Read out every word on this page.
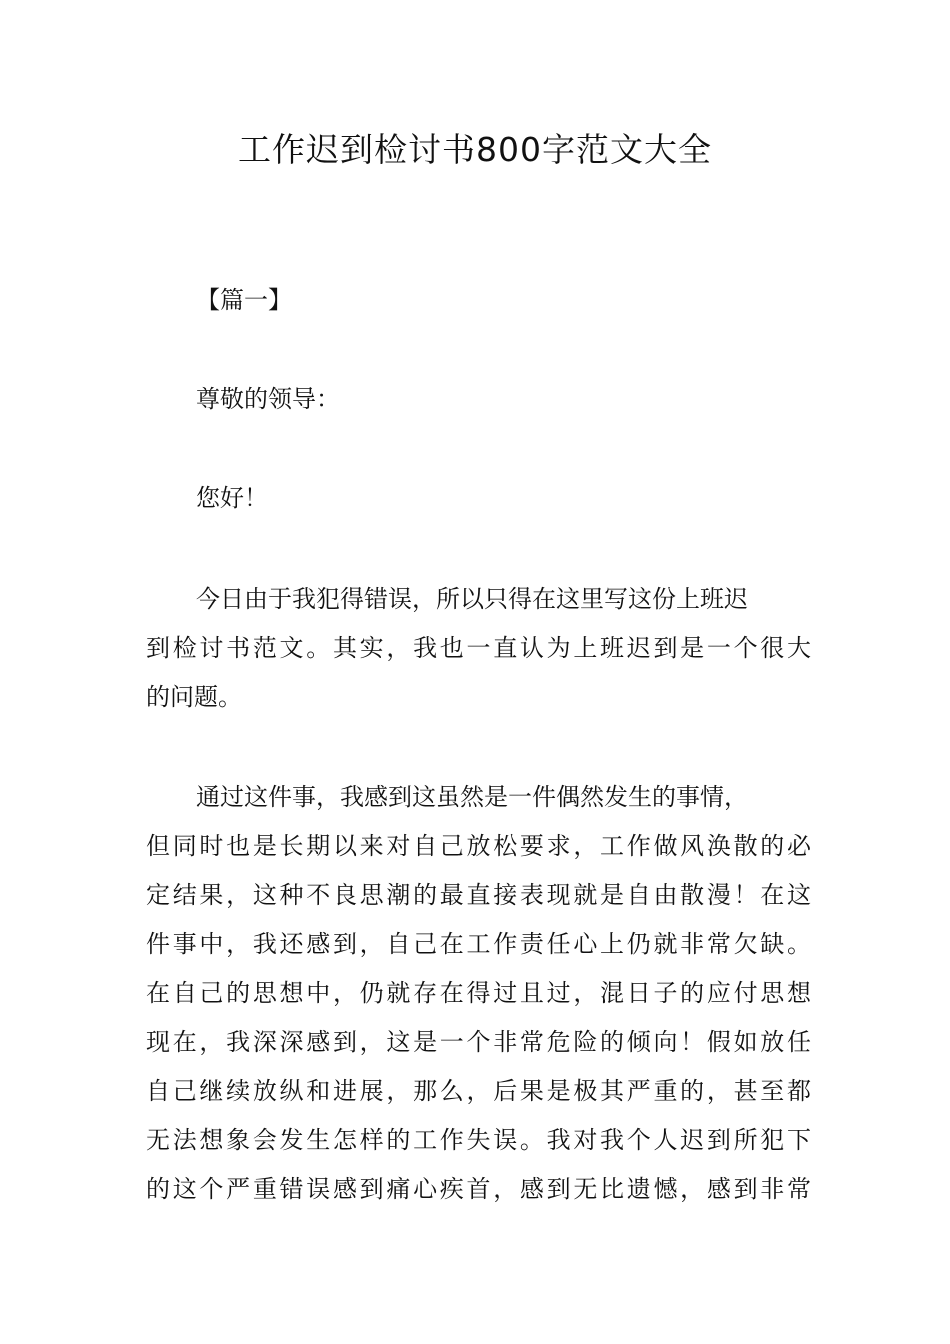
工作迟到检讨书800字范文大全
【篇一】
尊敬的领导：
您好！
今日由于我犯得错误，所以只得在这里写这份上班迟
到检讨书范文。其实，我也一直认为上班迟到是一个很大
的问题。
通过这件事，我感到这虽然是一件偶然发生的事情，
但同时也是长期以来对自己放松要求，工作做风涣散的必
定结果，这种不良思潮的最直接表现就是自由散漫！在这
件事中，我还感到，自己在工作责任心上仍就非常欠缺。
在自己的思想中，仍就存在得过且过，混日子的应付思想
现在，我深深感到，这是一个非常危险的倾向！假如放任
自己继续放纵和进展，那么，后果是极其严重的，甚至都
无法想象会发生怎样的工作失误。我对我个人迟到所犯下
的这个严重错误感到痛心疾首，感到无比遗憾，感到非常
